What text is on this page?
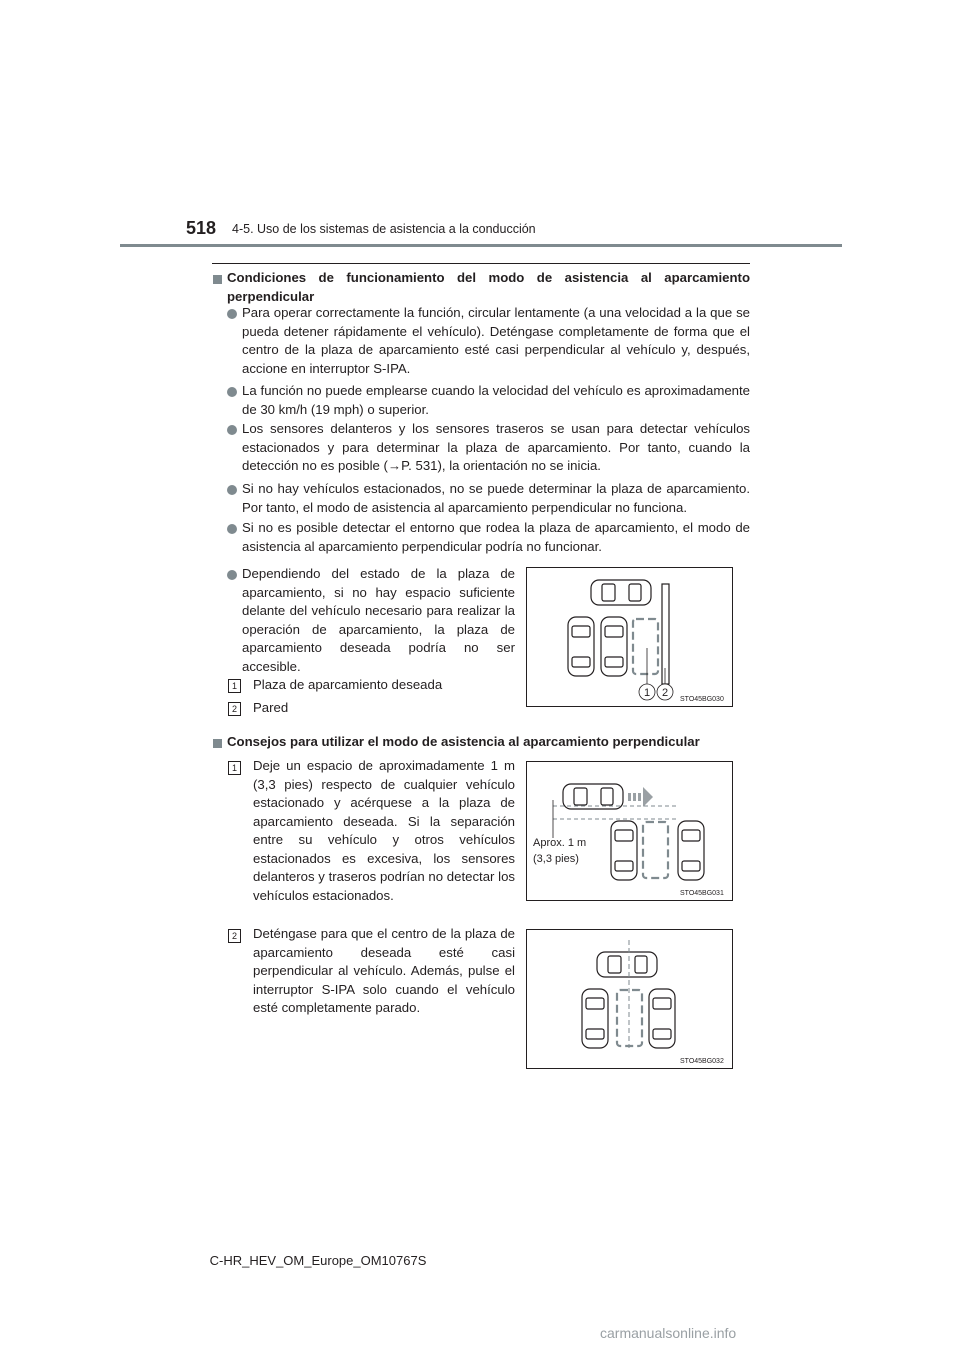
518 4-5. Uso de los sistemas de asistencia a la conducción
Condiciones de funcionamiento del modo de asistencia al aparcamiento perpendicular
Para operar correctamente la función, circular lentamente (a una velocidad a la que se pueda detener rápidamente el vehículo). Deténgase completamente de forma que el centro de la plaza de aparcamiento esté casi perpendicular al vehículo y, después, accione en interruptor S-IPA.
La función no puede emplearse cuando la velocidad del vehículo es aproximadamente de 30 km/h (19 mph) o superior.
Los sensores delanteros y los sensores traseros se usan para detectar vehículos estacionados y para determinar la plaza de aparcamiento. Por tanto, cuando la detección no es posible (→P. 531), la orientación no se inicia.
Si no hay vehículos estacionados, no se puede determinar la plaza de aparcamiento. Por tanto, el modo de asistencia al aparcamiento perpendicular no funciona.
Si no es posible detectar el entorno que rodea la plaza de aparcamiento, el modo de asistencia al aparcamiento perpendicular podría no funcionar.
Dependiendo del estado de la plaza de aparcamiento, si no hay espacio suficiente delante del vehículo necesario para realizar la operación de aparcamiento, la plaza de aparcamiento deseada podría no ser accesible.
1	Plaza de aparcamiento deseada
2	Pared
1 2
STO45BG030
Consejos para utilizar el modo de asistencia al aparcamiento perpendicular
1	Deje un espacio de aproximadamente 1 m (3,3 pies) respecto de cualquier vehículo estacionado y acérquese a la plaza de aparcamiento deseada. Si la separación entre su vehículo y otros vehículos estacionados es excesiva, los sensores delanteros y traseros podrían no detectar los vehículos estacionados.
Aprox. 1 m
(3,3 pies)
STO45BG031
2	Deténgase para que el centro de la plaza de aparcamiento deseada esté casi perpendicular al vehículo. Además, pulse el interruptor S-IPA solo cuando el vehículo esté completamente parado.
STO45BG032
C-HR_HEV_OM_Europe_OM10767S
carmanualsonline.info
